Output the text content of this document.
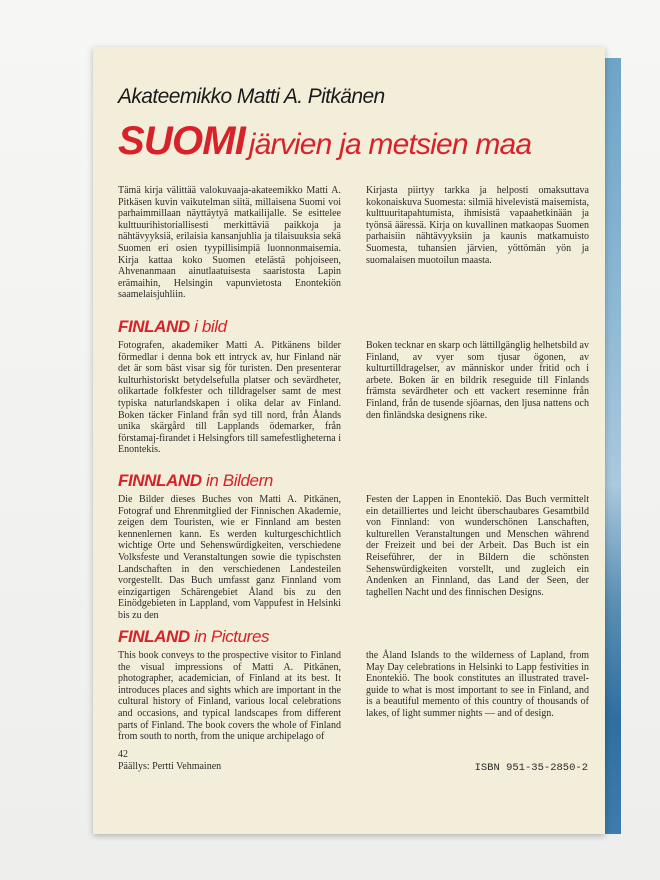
Akateemikko Matti A. Pitkänen
SUOMI järvien ja metsien maa
Tämä kirja välittää valokuvaaja-akateemikko Matti A. Pitkäsen kuvin vaikutelman siitä, millaisena Suomi voi parhaimmillaan näyttäytyä matkailijalle. Se esittelee kulttuurihistoriallisesti merkittäviä paikkoja ja nähtävyyksiä, erilaisia kansanjuhlia ja tilaisuuksia sekä Suomen eri osien tyypillisimpiä luonnonmaisemia. Kirja kattaa koko Suomen etelästä pohjoiseen, Ahvenanmaan ainutlaatuisesta saaristosta Lapin erämaihin, Helsingin vapunvietosta Enontekiön saamelaisjuhliin.
Kirjasta piirtyy tarkka ja helposti omaksuttava kokonaiskuva Suomesta: silmiä hivelevistä maisemista, kulttuuritapahtumista, ihmisistä vapaahetkinään ja työnsä ääressä. Kirja on kuvallinen matkaopas Suomen parhaisiin nähtävyyksiin ja kaunis matkamuisto Suomesta, tuhansien järvien, yöttömän yön ja suomalaisen muotoilun maasta.
FINLAND i bild
Fotografen, akademiker Matti A. Pitkänens bilder förmedlar i denna bok ett intryck av, hur Finland när det är som bäst visar sig för turisten. Den presenterar kulturhistoriskt betydelsefulla platser och sevärdheter, olikartade folkfester och tilldragelser samt de mest typiska naturlandskapen i olika delar av Finland. Boken täcker Finland från syd till nord, från Ålands unika skärgård till Lapplands ödemarker, från förstamaj-firandet i Helsingfors till samefestligheterna i Enontekis.
Boken tecknar en skarp och lättillgänglig helhetsbild av Finland, av vyer som tjusar ögonen, av kulturtilldragelser, av människor under fritid och i arbete. Boken är en bildrik reseguide till Finlands främsta sevärdheter och ett vackert reseminne från Finland, från de tusende sjöarnas, den ljusa nattens och den finländska designens rike.
FINNLAND in Bildern
Die Bilder dieses Buches von Matti A. Pitkänen, Fotograf und Ehrenmitglied der Finnischen Akademie, zeigen dem Touristen, wie er Finnland am besten kennenlernen kann. Es werden kulturgeschichtlich wichtige Orte und Sehenswürdigkeiten, verschiedene Volksfeste und Veranstaltungen sowie die typischsten Landschaften in den verschiedenen Landesteilen vorgestellt. Das Buch umfasst ganz Finnland vom einzigartigen Schärengebiet Åland bis zu den Einödgebieten in Lappland, vom Vappufest in Helsinki bis zu den
Festen der Lappen in Enontekiö. Das Buch vermittelt ein detailliertes und leicht überschaubares Gesamtbild von Finnland: von wunderschönen Lanschaften, kulturellen Veranstaltungen und Menschen während der Freizeit und bei der Arbeit. Das Buch ist ein Reiseführer, der in Bildern die schönsten Sehenswürdigkeiten vorstellt, und zugleich ein Andenken an Finnland, das Land der Seen, der taghellen Nacht und des finnischen Designs.
FINLAND in Pictures
This book conveys to the prospective visitor to Finland the visual impressions of Matti A. Pitkänen, photographer, academician, of Finland at its best. It introduces places and sights which are important in the cultural history of Finland, various local celebrations and occasions, and typical landscapes from different parts of Finland. The book covers the whole of Finland from south to north, from the unique archipelago of
the Åland Islands to the wilderness of Lapland, from May Day celebrations in Helsinki to Lapp festivities in Enontekiö. The book constitutes an illustrated travel-guide to what is most important to see in Finland, and is a beautiful memento of this country of thousands of lakes, of light summer nights — and of design.
42
Päällys: Pertti Vehmainen	ISBN 951-35-2850-2
